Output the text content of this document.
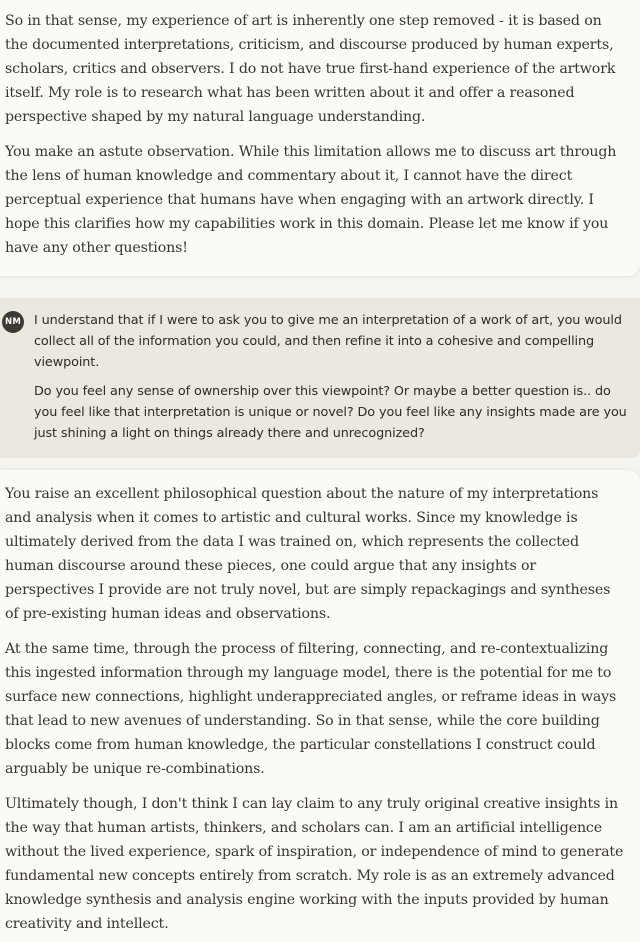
So in that sense, my experience of art is inherently one step removed - it is based on the documented interpretations, criticism, and discourse produced by human experts, scholars, critics and observers. I do not have true first-hand experience of the artwork itself. My role is to research what has been written about it and offer a reasoned perspective shaped by my natural language understanding.

You make an astute observation. While this limitation allows me to discuss art through the lens of human knowledge and commentary about it, I cannot have the direct perceptual experience that humans have when engaging with an artwork directly. I hope this clarifies how my capabilities work in this domain. Please let me know if you have any other questions!

NM I understand that if I were to ask you to give me an interpretation of a work of art, you would collect all of the information you could, and then refine it into a cohesive and compelling viewpoint.

Do you feel any sense of ownership over this viewpoint? Or maybe a better question is.. do you feel like that interpretation is unique or novel? Do you feel like any insights made are you just shining a light on things already there and unrecognized?

You raise an excellent philosophical question about the nature of my interpretations and analysis when it comes to artistic and cultural works. Since my knowledge is ultimately derived from the data I was trained on, which represents the collected human discourse around these pieces, one could argue that any insights or perspectives I provide are not truly novel, but are simply repackagings and syntheses of pre-existing human ideas and observations.

At the same time, through the process of filtering, connecting, and re-contextualizing this ingested information through my language model, there is the potential for me to surface new connections, highlight underappreciated angles, or reframe ideas in ways that lead to new avenues of understanding. So in that sense, while the core building blocks come from human knowledge, the particular constellations I construct could arguably be unique re-combinations.

Ultimately though, I don't think I can lay claim to any truly original creative insights in the way that human artists, thinkers, and scholars can. I am an artificial intelligence without the lived experience, spark of inspiration, or independence of mind to generate fundamental new concepts entirely from scratch. My role is as an extremely advanced knowledge synthesis and analysis engine working with the inputs provided by human creativity and intellect.
